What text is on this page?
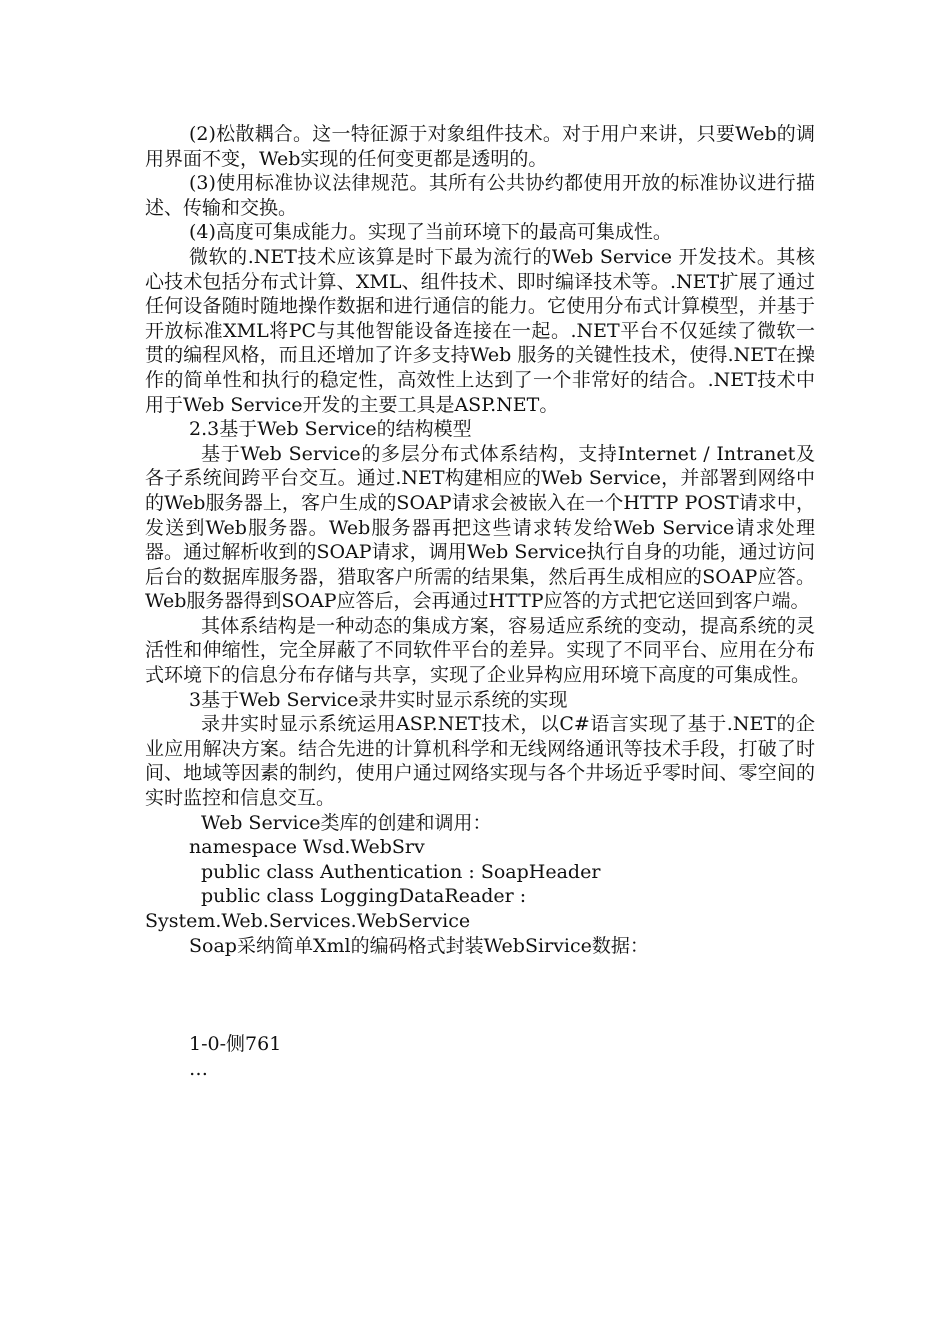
(2)松散耦合。这一特征源于对象组件技术。对于用户来讲，只要Web的调用界面不变，Web实现的任何变更都是透明的。

(3)使用标准协议法律规范。其所有公共协约都使用开放的标准协议进行描述、传输和交换。

(4)高度可集成能力。实现了当前环境下的最高可集成性。

微软的.NET技术应该算是时下最为流行的Web Service 开发技术。其核心技术包括分布式计算、XML、组件技术、即时编译技术等。.NET扩展了通过任何设备随时随地操作数据和进行通信的能力。它使用分布式计算模型，并基于开放标准XML将PC与其他智能设备连接在一起。.NET平台不仅延续了微软一贯的编程风格，而且还增加了许多支持Web 服务的关键性技术，使得.NET在操作的简单性和执行的稳定性，高效性上达到了一个非常好的结合。.NET技术中用于Web Service开发的主要工具是ASP.NET。

2.3基于Web Service的结构模型

基于Web Service的多层分布式体系结构，支持Internet / Intranet及各子系统间跨平台交互。通过.NET构建相应的Web Service，并部署到网络中的Web服务器上，客户生成的SOAP请求会被嵌入在一个HTTP POST请求中，发送到Web服务器。Web服务器再把这些请求转发给Web Service请求处理器。通过解析收到的SOAP请求，调用Web Service执行自身的功能，通过访问后台的数据库服务器，猎取客户所需的结果集，然后再生成相应的SOAP应答。Web服务器得到SOAP应答后，会再通过HTTP应答的方式把它送回到客户端。

其体系结构是一种动态的集成方案，容易适应系统的变动，提高系统的灵活性和伸缩性，完全屏蔽了不同软件平台的差异。实现了不同平台、应用在分布式环境下的信息分布存储与共享，实现了企业异构应用环境下高度的可集成性。

3基于Web Service录井实时显示系统的实现

录井实时显示系统运用ASP.NET技术，以C#语言实现了基于.NET的企业应用解决方案。结合先进的计算机科学和无线网络通讯等技术手段，打破了时间、地域等因素的制约，使用户通过网络实现与各个井场近乎零时间、零空间的实时监控和信息交互。

Web Service类库的创建和调用：

namespace Wsd.WebSrv
public class Authentication : SoapHeader
public class LoggingDataReader :
System.Web.Services.WebService

Soap采纳简单Xml的编码格式封装WebSirvice数据：

1-0-侧761
…
